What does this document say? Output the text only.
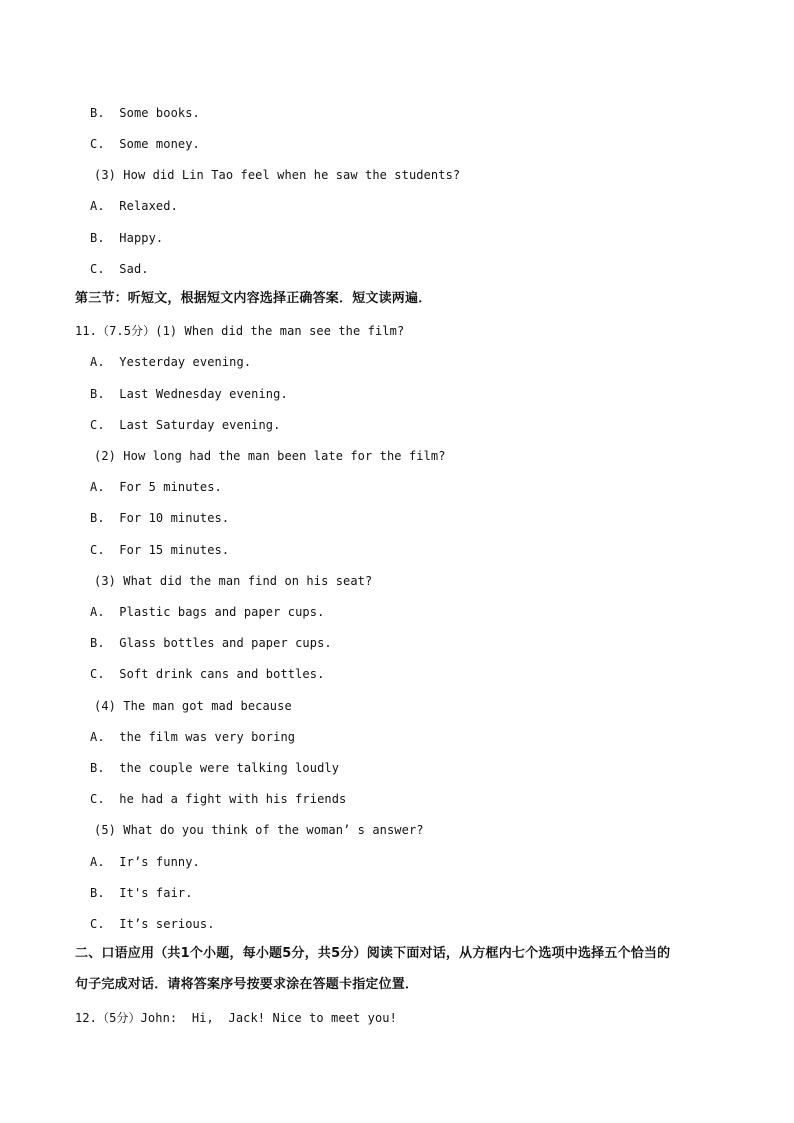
B.  Some books.
C.  Some money.
(3) How did Lin Tao feel when he saw the students?
A.  Relaxed.
B.  Happy.
C.  Sad.
第三节：听短文，根据短文内容选择正确答案．短文读两遍．
11.（7.5分）(1) When did the man see the film?
A.  Yesterday evening.
B.  Last Wednesday evening.
C.  Last Saturday evening.
(2) How long had the man been late for the film?
A.  For 5 minutes.
B.  For 10 minutes.
C.  For 15 minutes.
(3) What did the man find on his seat?
A.  Plastic bags and paper cups.
B.  Glass bottles and paper cups.
C.  Soft drink cans and bottles.
(4) The man got mad because
A.  the film was very boring
B.  the couple were talking loudly
C.  he had a fight with his friends
(5) What do you think of the woman’ s answer?
A.  Ir’s funny.
B.  It's fair.
C.  It’s serious.
二、口语应用（共1个小题，每小题5分，共5分）阅读下面对话，从方框内七个选项中选择五个恰当的
句子完成对话．请将答案序号按要求涂在答题卡指定位置．
12.（5分）John:  Hi,  Jack! Nice to meet you!
